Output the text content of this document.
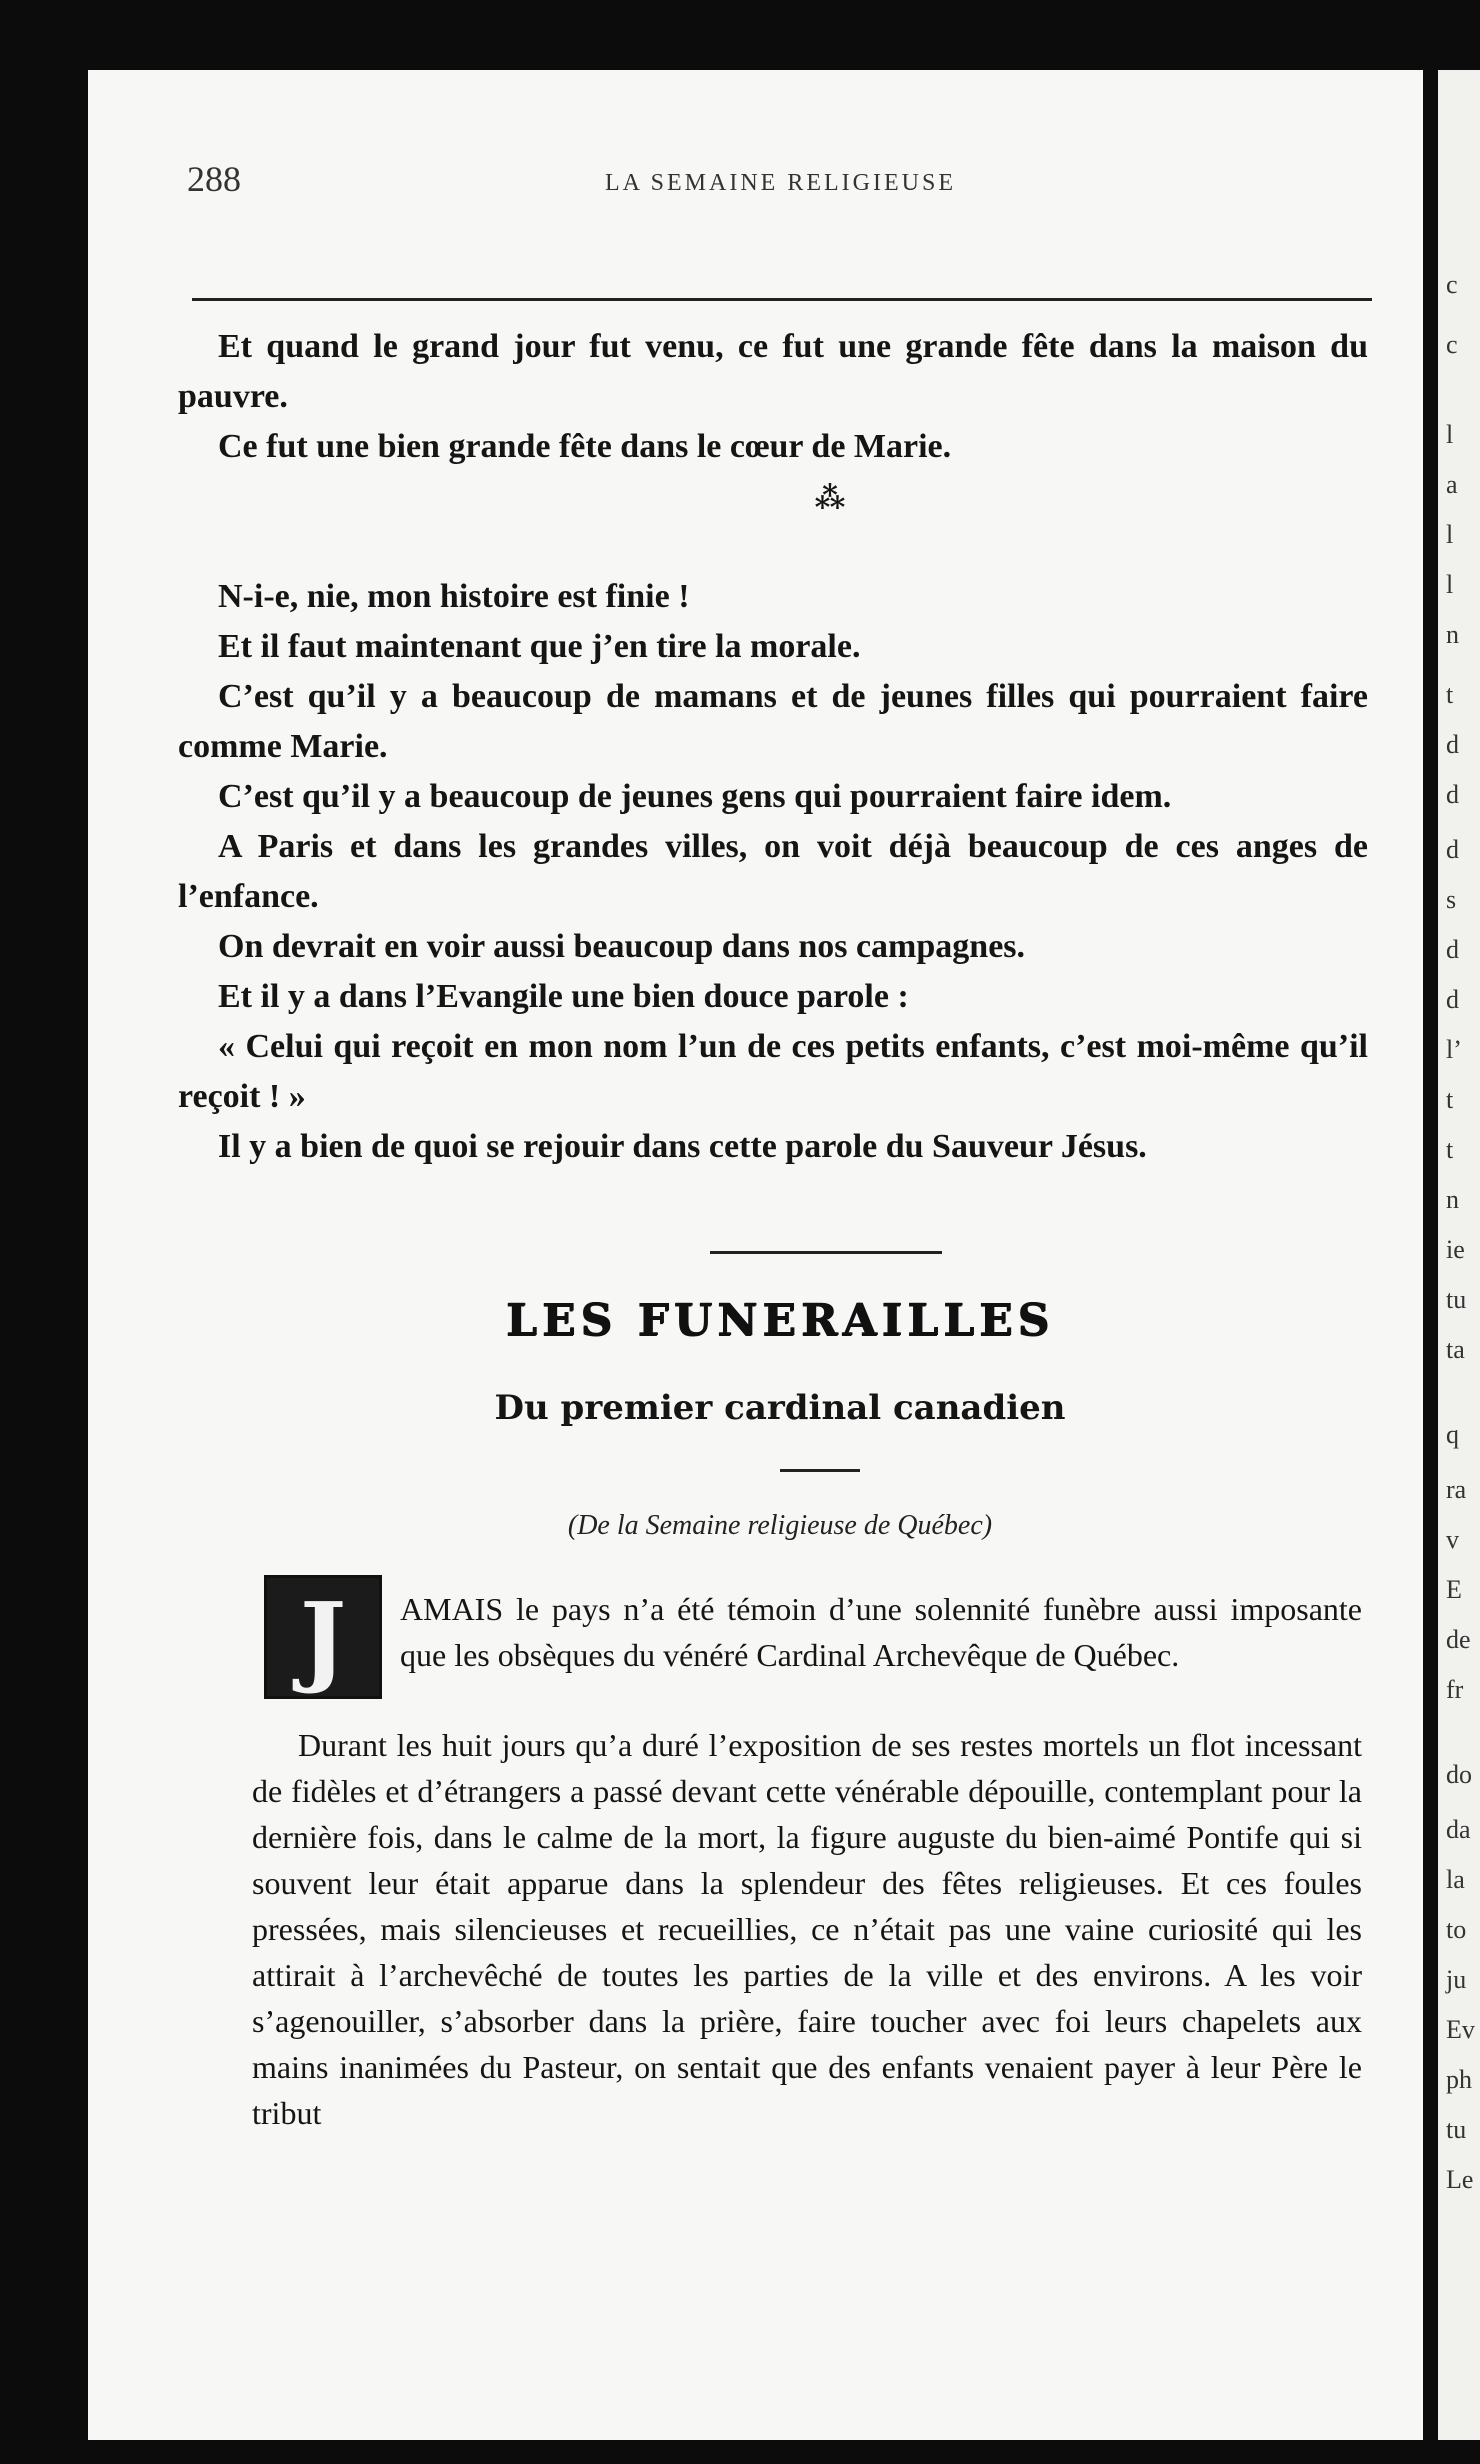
c
c
l
a
l
l
n
t
d
d
d
s
d
d
l’
t
t
n
ie
tu
ta
q
ra
v
E
de
fr
do
da
la
to
ju
Ev
ph
tu
Le
288	LA SEMAINE RELIGIEUSE

Et quand le grand jour fut venu, ce fut une grande fête dans la maison du pauvre.

Ce fut une bien grande fête dans le cœur de Marie.

⁂

N-i-e, nie, mon histoire est finie !

Et il faut maintenant que j’en tire la morale.

C’est qu’il y a beaucoup de mamans et de jeunes filles qui pourraient faire comme Marie.

C’est qu’il y a beaucoup de jeunes gens qui pourraient faire idem.

A Paris et dans les grandes villes, on voit déjà beaucoup de ces anges de l’enfance.

On devrait en voir aussi beaucoup dans nos campagnes.

Et il y a dans l’Evangile une bien douce parole :

« Celui qui reçoit en mon nom l’un de ces petits enfants, c’est moi-même qu’il reçoit ! »

Il y a bien de quoi se rejouir dans cette parole du Sauveur Jésus.

LES FUNERAILLES
Du premier cardinal canadien
(De la Semaine religieuse de Québec)
J	AMAIS le pays n’a été témoin d’une solennité funèbre aussi imposante que les obsèques du vénéré Cardinal Archevêque de Québec.

Durant les huit jours qu’a duré l’exposition de ses restes mortels un flot incessant de fidèles et d’étrangers a passé devant cette vénérable dépouille, contemplant pour la dernière fois, dans le calme de la mort, la figure auguste du bien-aimé Pontife qui si souvent leur était apparue dans la splendeur des fêtes religieuses. Et ces foules pressées, mais silencieuses et recueillies, ce n’était pas une vaine curiosité qui les attirait à l’archevêché de toutes les parties de la ville et des environs. A les voir s’agenouiller, s’absorber dans la prière, faire toucher avec foi leurs chapelets aux mains inanimées du Pasteur, on sentait que des enfants venaient payer à leur Père le tribut
